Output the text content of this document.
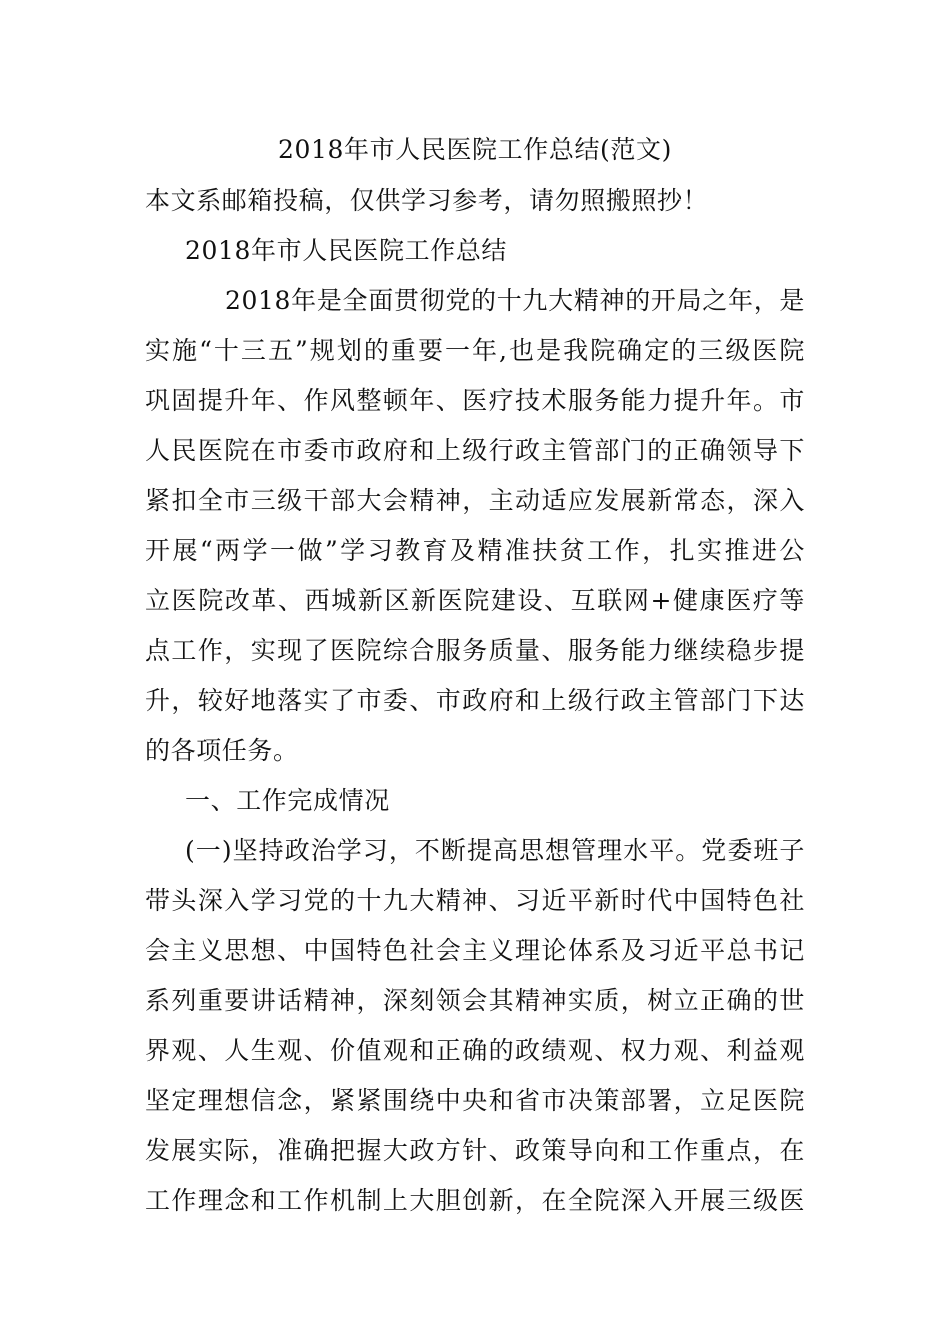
2018年市人民医院工作总结(范文)
本文系邮箱投稿，仅供学习参考，请勿照搬照抄！
2018年市人民医院工作总结
2018年是全面贯彻党的十九大精神的开局之年，是
实施“十三五”规划的重要一年,也是我院确定的三级医院
巩固提升年、作风整顿年、医疗技术服务能力提升年。市
人民医院在市委市政府和上级行政主管部门的正确领导下
紧扣全市三级干部大会精神，主动适应发展新常态，深入
开展“两学一做”学习教育及精准扶贫工作，扎实推进公
立医院改革、西城新区新医院建设、互联网+健康医疗等
点工作，实现了医院综合服务质量、服务能力继续稳步提
升，较好地落实了市委、市政府和上级行政主管部门下达
的各项任务。
一、工作完成情况
(一)坚持政治学习，不断提高思想管理水平。党委班子
带头深入学习党的十九大精神、习近平新时代中国特色社
会主义思想、中国特色社会主义理论体系及习近平总书记
系列重要讲话精神，深刻领会其精神实质，树立正确的世
界观、人生观、价值观和正确的政绩观、权力观、利益观
坚定理想信念，紧紧围绕中央和省市决策部署，立足医院
发展实际，准确把握大政方针、政策导向和工作重点，在
工作理念和工作机制上大胆创新，在全院深入开展三级医
